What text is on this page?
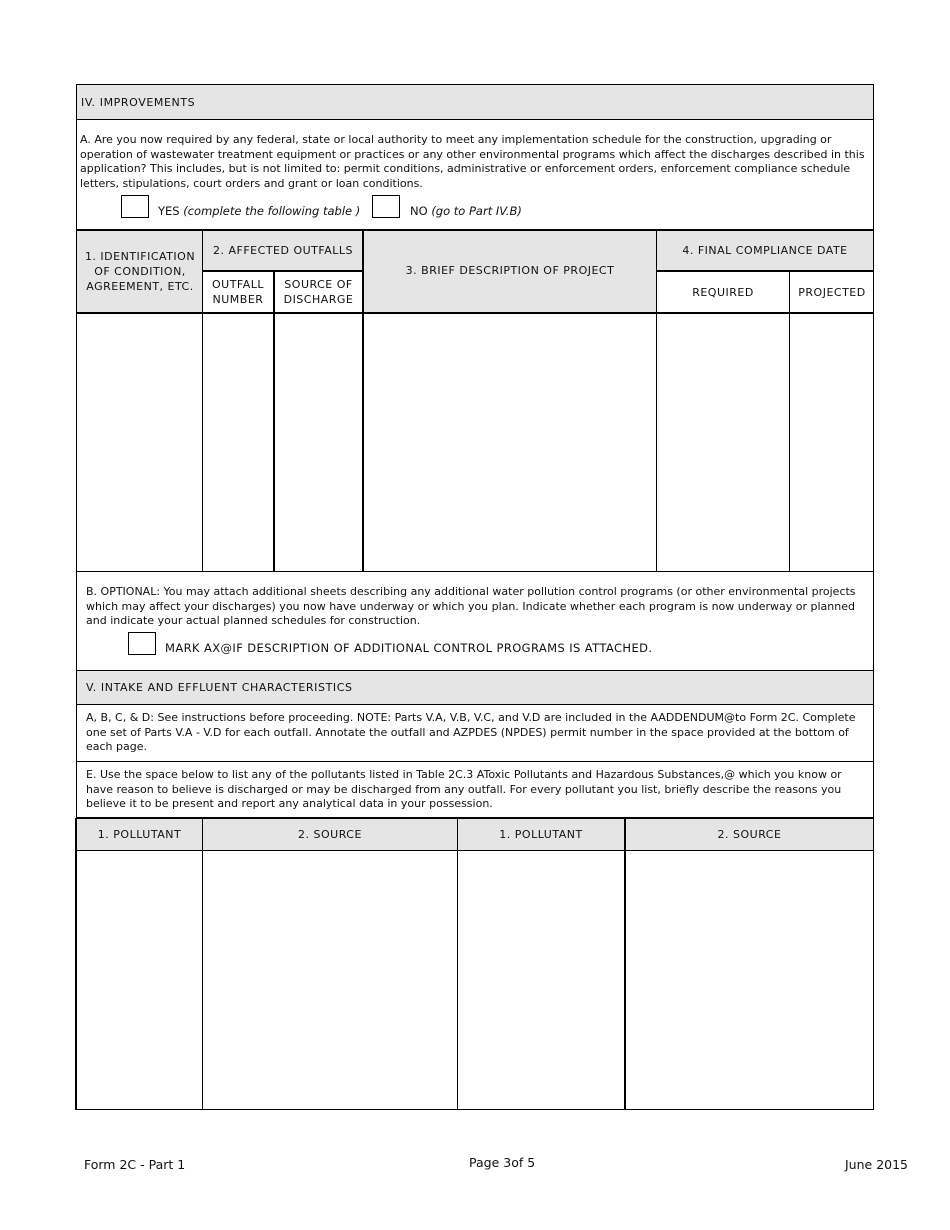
IV. IMPROVEMENTS
A. Are you now required by any federal, state or local authority to meet any implementation schedule for the construction, upgrading or operation of wastewater treatment equipment or practices or any other environmental programs which affect the discharges described in this application? This includes, but is not limited to: permit conditions, administrative or enforcement orders, enforcement compliance schedule letters, stipulations, court orders and grant or loan conditions.
YES (complete the following table )	NO (go to Part IV.B)
1. IDENTIFICATION OF CONDITION, AGREEMENT, ETC.
2. AFFECTED OUTFALLS
OUTFALL NUMBER
SOURCE OF DISCHARGE
3. BRIEF DESCRIPTION OF PROJECT
4. FINAL COMPLIANCE DATE
REQUIRED	PROJECTED
B. OPTIONAL: You may attach additional sheets describing any additional water pollution control programs (or other environmental projects which may affect your discharges) you now have underway or which you plan. Indicate whether each program is now underway or planned and indicate your actual planned schedules for construction.
MARK AX@IF DESCRIPTION OF ADDITIONAL CONTROL PROGRAMS IS ATTACHED.
V. INTAKE AND EFFLUENT CHARACTERISTICS
A, B, C, & D: See instructions before proceeding. NOTE: Parts V.A, V.B, V.C, and V.D are included in the AADDENDUM@to Form 2C. Complete one set of Parts V.A - V.D for each outfall. Annotate the outfall and AZPDES (NPDES) permit number in the space provided at the bottom of each page.
E. Use the space below to list any of the pollutants listed in Table 2C.3 AToxic Pollutants and Hazardous Substances,@ which you know or have reason to believe is discharged or may be discharged from any outfall. For every pollutant you list, briefly describe the reasons you believe it to be present and report any analytical data in your possession.
1. POLLUTANT	2. SOURCE	1. POLLUTANT	2. SOURCE
Form 2C - Part 1	Page 3of 5	June 2015
